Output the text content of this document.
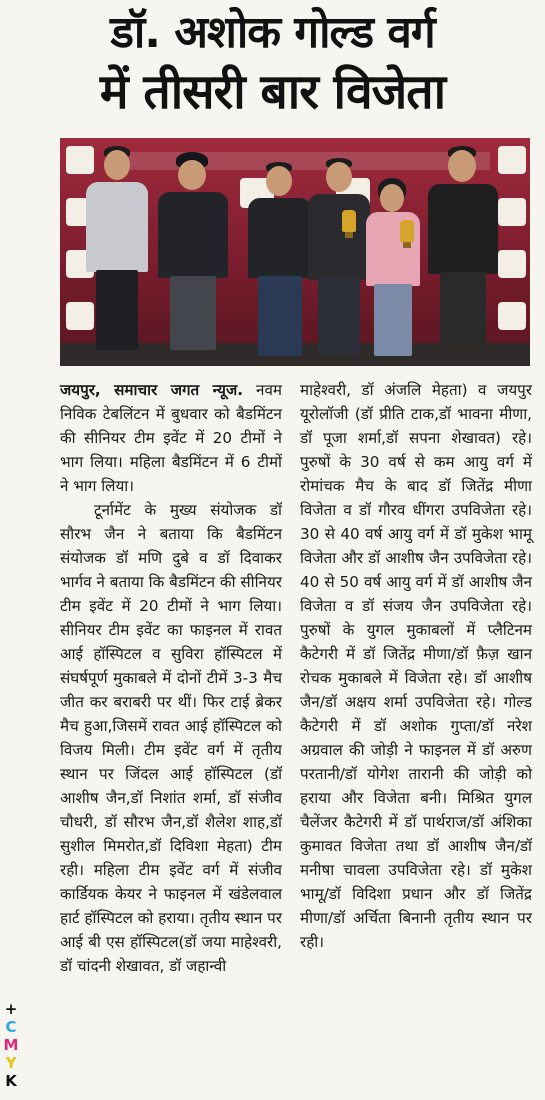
डॉ. अशोक गोल्ड वर्ग
में तीसरी बार विजेता
जयपुर, समाचार जगत न्यूज. नवम निविक टेबलिंटन में बुधवार को बैडमिंटन की सीनियर टीम इवेंट में 20 टीमों ने भाग लिया। महिला बैडमिंटन में 6 टीमों ने भाग लिया।
टूर्नामेंट के मुख्य संयोजक डॉ सौरभ जैन ने बताया कि बैडमिंटन संयोजक डॉ मणि दुबे व डॉ दिवाकर भार्गव ने बताया कि बैडमिंटन की सीनियर टीम इवेंट में 20 टीमों ने भाग लिया। सीनियर टीम इवेंट का फाइनल में रावत आई हॉस्पिटल व सुविरा हॉस्पिटल में संघर्षपूर्ण मुकाबले में दोनों टीमें 3-3 मैच जीत कर बराबरी पर थीं। फिर टाई ब्रेकर मैच हुआ,जिसमें रावत आई हॉस्पिटल को विजय मिली। टीम इवेंट वर्ग में तृतीय स्थान पर जिंदल आई हॉस्पिटल (डॉ आशीष जैन,डॉ निशांत शर्मा, डॉ संजीव चौधरी, डॉ सौरभ जैन,डॉ शैलेश शाह,डॉ सुशील मिमरोत,डॉ दिविशा मेहता) टीम रही। महिला टीम इवेंट वर्ग में संजीव कार्डियक केयर ने फाइनल में खंडेलवाल हार्ट हॉस्पिटल को हराया। तृतीय स्थान पर आई बी एस हॉस्पिटल(डॉ जया माहेश्वरी, डॉ चांदनी शेखावत, डॉ जहान्वी
माहेश्वरी, डॉ अंजलि मेहता) व जयपुर यूरोलॉजी (डॉ प्रीति टाक,डॉ भावना मीणा, डॉ पूजा शर्मा,डॉ सपना शेखावत) रहे। पुरुषों के 30 वर्ष से कम आयु वर्ग में रोमांचक मैच के बाद डॉ जितेंद्र मीणा विजेता व डॉ गौरव धींगरा उपविजेता रहे। 30 से 40 वर्ष आयु वर्ग में डॉ मुकेश भामू विजेता और डॉ आशीष जैन उपविजेता रहे। 40 से 50 वर्ष आयु वर्ग में डॉ आशीष जैन विजेता व डॉ संजय जैन उपविजेता रहे। पुरुषों के युगल मुकाबलों में प्लैटिनम कैटेगरी में डॉ जितेंद्र मीणा/डॉ फ़ैज़ खान रोचक मुकाबले में विजेता रहे। डॉ आशीष जैन/डॉ अक्षय शर्मा उपविजेता रहे। गोल्ड कैटेगरी में डॉ अशोक गुप्ता/डॉ नरेश अग्रवाल की जोड़ी ने फाइनल में डॉ अरुण परतानी/डॉ योगेश तारानी की जोड़ी को हराया और विजेता बनी। मिश्रित युगल चैलेंजर कैटेगरी में डॉ पार्थराज/डॉ अंशिका कुमावत विजेता तथा डॉ आशीष जैन/डॉ मनीषा चावला उपविजेता रहे। डॉ मुकेश भामू/डॉ विदिशा प्रधान और डॉ जितेंद्र मीणा/डॉ अर्चिता बिनानी तृतीय स्थान पर रही।
+
C
M
Y
K
